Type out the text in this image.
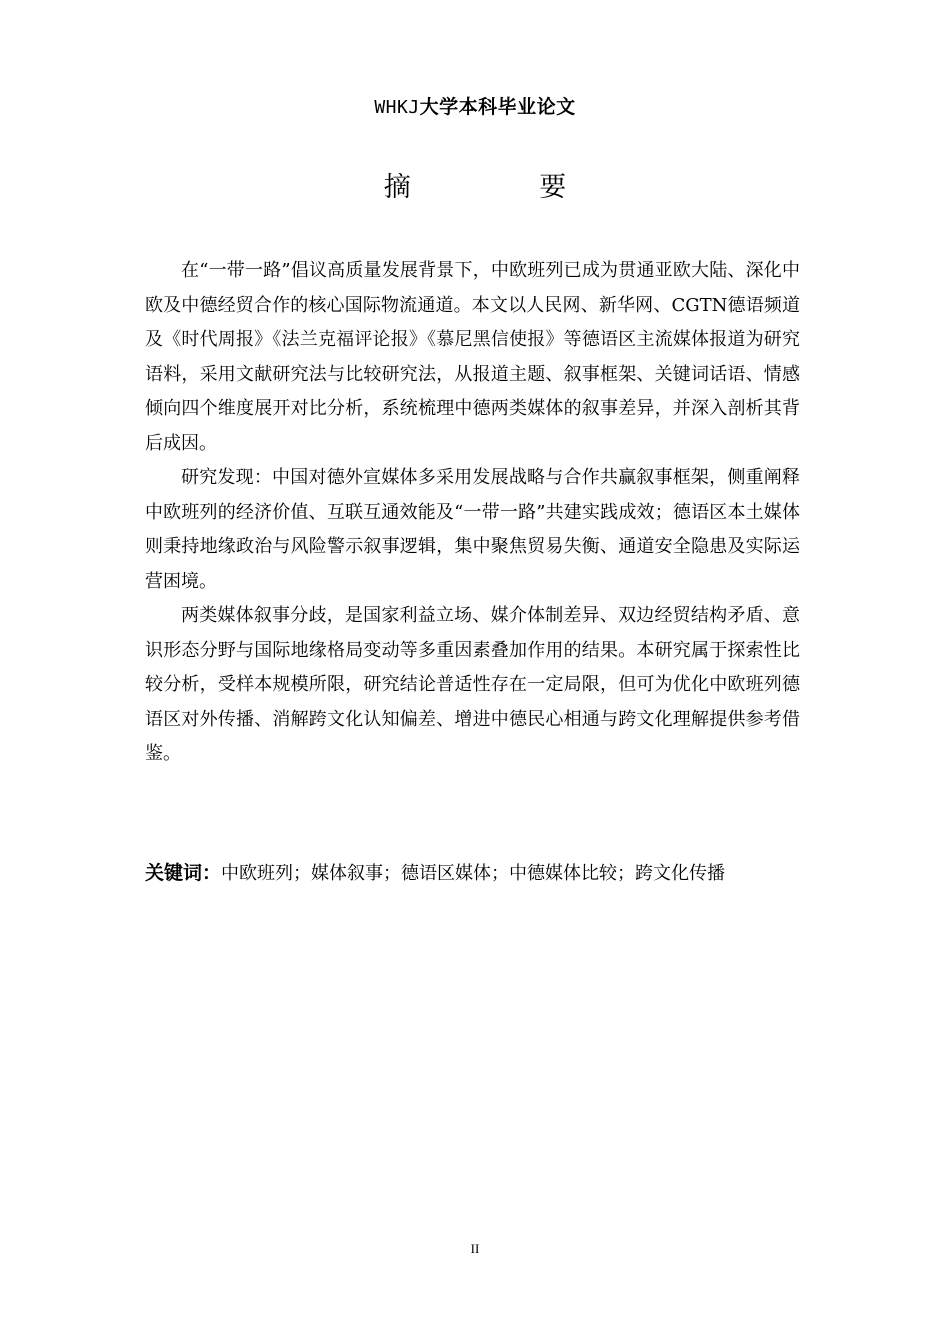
WHKJ大学本科毕业论文
摘 要

在“一带一路”倡议高质量发展背景下，中欧班列已成为贯通亚欧大陆、深化中欧及中德经贸合作的核心国际物流通道。本文以人民网、新华网、CGTN德语频道及《时代周报》《法兰克福评论报》《慕尼黑信使报》等德语区主流媒体报道为研究语料，采用文献研究法与比较研究法，从报道主题、叙事框架、关键词话语、情感倾向四个维度展开对比分析，系统梳理中德两类媒体的叙事差异，并深入剖析其背后成因。

研究发现：中国对德外宣媒体多采用发展战略与合作共赢叙事框架，侧重阐释中欧班列的经济价值、互联互通效能及“一带一路”共建实践成效；德语区本土媒体则秉持地缘政治与风险警示叙事逻辑，集中聚焦贸易失衡、通道安全隐患及实际运营困境。

两类媒体叙事分歧，是国家利益立场、媒介体制差异、双边经贸结构矛盾、意识形态分野与国际地缘格局变动等多重因素叠加作用的结果。本研究属于探索性比较分析，受样本规模所限，研究结论普适性存在一定局限，但可为优化中欧班列德语区对外传播、消解跨文化认知偏差、增进中德民心相通与跨文化理解提供参考借鉴。

关键词：中欧班列；媒体叙事；德语区媒体；中德媒体比较；跨文化传播
II
